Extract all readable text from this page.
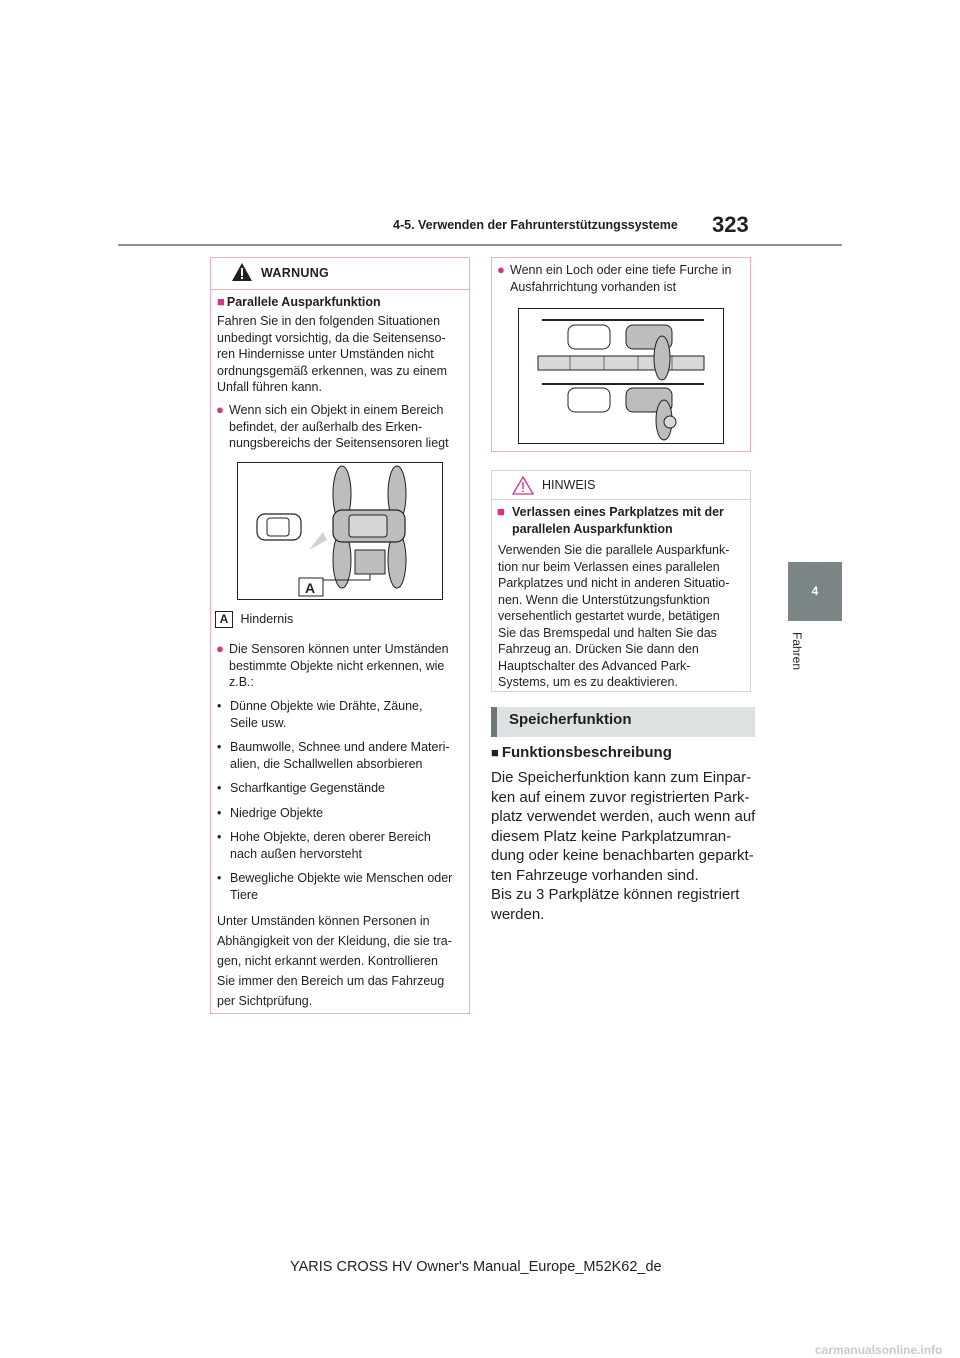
4-5. Verwenden der Fahrunterstützungssysteme 323
4
Fahren
WARNUNG
■ Parallele Ausparkfunktion
Fahren Sie in den folgenden Situationen
unbedingt vorsichtig, da die Seitensenso-
ren Hindernisse unter Umständen nicht
ordnungsgemäß erkennen, was zu einem
Unfall führen kann.
● Wenn sich ein Objekt in einem Bereich
befindet, der außerhalb des Erken-
nungsbereichs der Seitensensoren liegt
A
A Hindernis
● Die Sensoren können unter Umständen
bestimmte Objekte nicht erkennen, wie
z.B.:
• Dünne Objekte wie Drähte, Zäune,
Seile usw.
• Baumwolle, Schnee und andere Materi-
alien, die Schallwellen absorbieren
• Scharfkantige Gegenstände
• Niedrige Objekte
• Hohe Objekte, deren oberer Bereich
nach außen hervorsteht
• Bewegliche Objekte wie Menschen oder
Tiere
Unter Umständen können Personen in
Abhängigkeit von der Kleidung, die sie tra-
gen, nicht erkannt werden. Kontrollieren
Sie immer den Bereich um das Fahrzeug
per Sichtprüfung.
● Wenn ein Loch oder eine tiefe Furche in
Ausfahrrichtung vorhanden ist
HINWEIS
■ Verlassen eines Parkplatzes mit der
parallelen Ausparkfunktion
Verwenden Sie die parallele Ausparkfunk-
tion nur beim Verlassen eines parallelen
Parkplatzes und nicht in anderen Situatio-
nen. Wenn die Unterstützungsfunktion
versehentlich gestartet wurde, betätigen
Sie das Bremspedal und halten Sie das
Fahrzeug an. Drücken Sie dann den
Hauptschalter des Advanced Park-
Systems, um es zu deaktivieren.
Speicherfunktion
■ Funktionsbeschreibung
Die Speicherfunktion kann zum Einpar-
ken auf einem zuvor registrierten Park-
platz verwendet werden, auch wenn auf
diesem Platz keine Parkplatzumran-
dung oder keine benachbarten geparkt-
ten Fahrzeuge vorhanden sind.
Bis zu 3 Parkplätze können registriert
werden.
YARIS CROSS HV Owner's Manual_Europe_M52K62_de
carmanualsonline.info
